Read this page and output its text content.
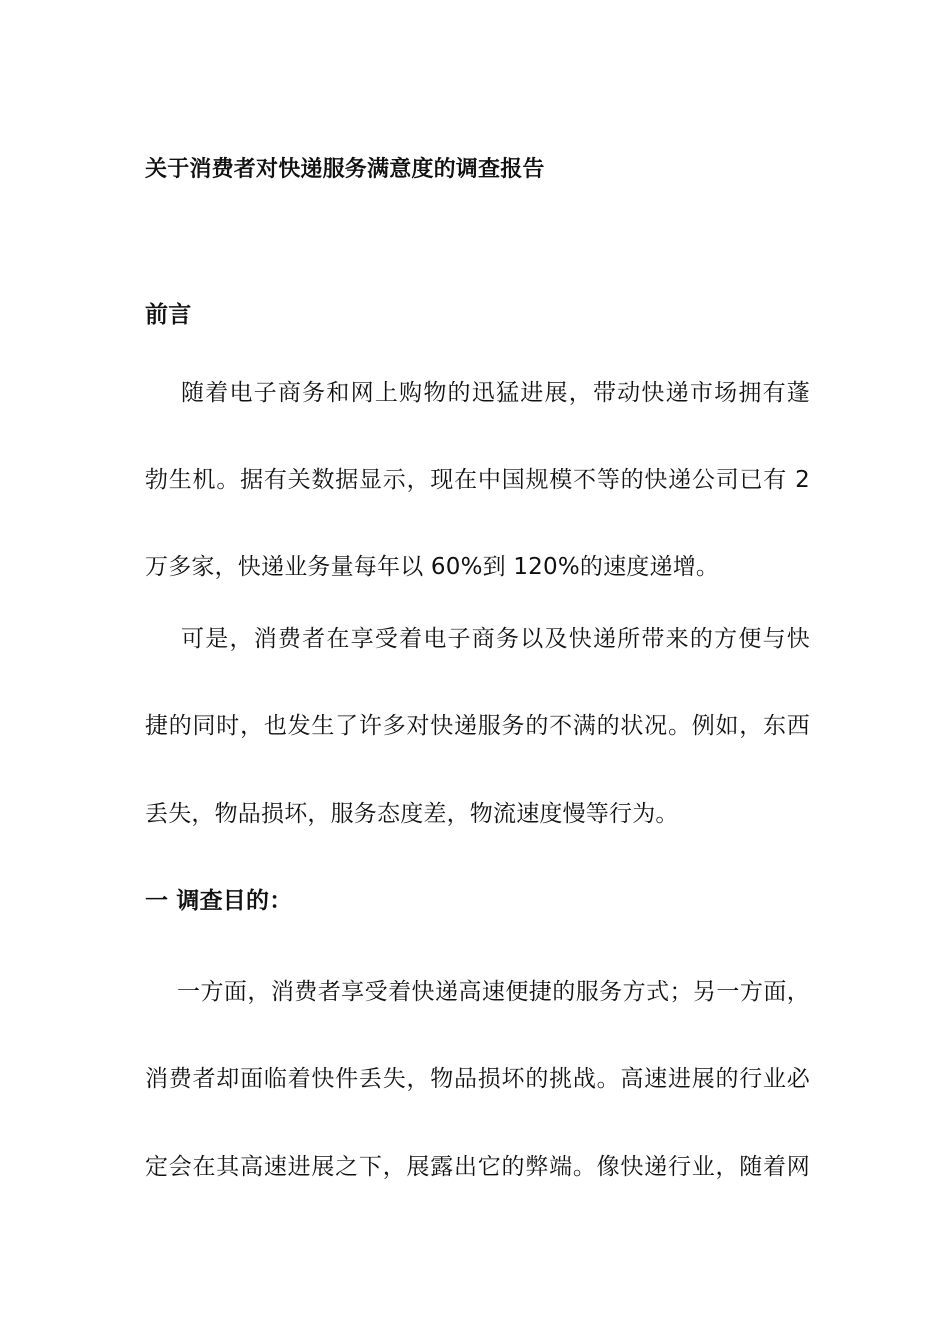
关于消费者对快递服务满意度的调查报告
前言
随着电子商务和网上购物的迅猛进展，带动快递市场拥有蓬
勃生机。据有关数据显示，现在中国规模不等的快递公司已有 2
万多家，快递业务量每年以 60%到 120%的速度递增。
可是，消费者在享受着电子商务以及快递所带来的方便与快
捷的同时，也发生了许多对快递服务的不满的状况。例如，东西
丢失，物品损坏，服务态度差，物流速度慢等行为。
一 调查目的：
一方面，消费者享受着快递高速便捷的服务方式；另一方面，
消费者却面临着快件丢失，物品损坏的挑战。高速进展的行业必
定会在其高速进展之下，展露出它的弊端。像快递行业，随着网
